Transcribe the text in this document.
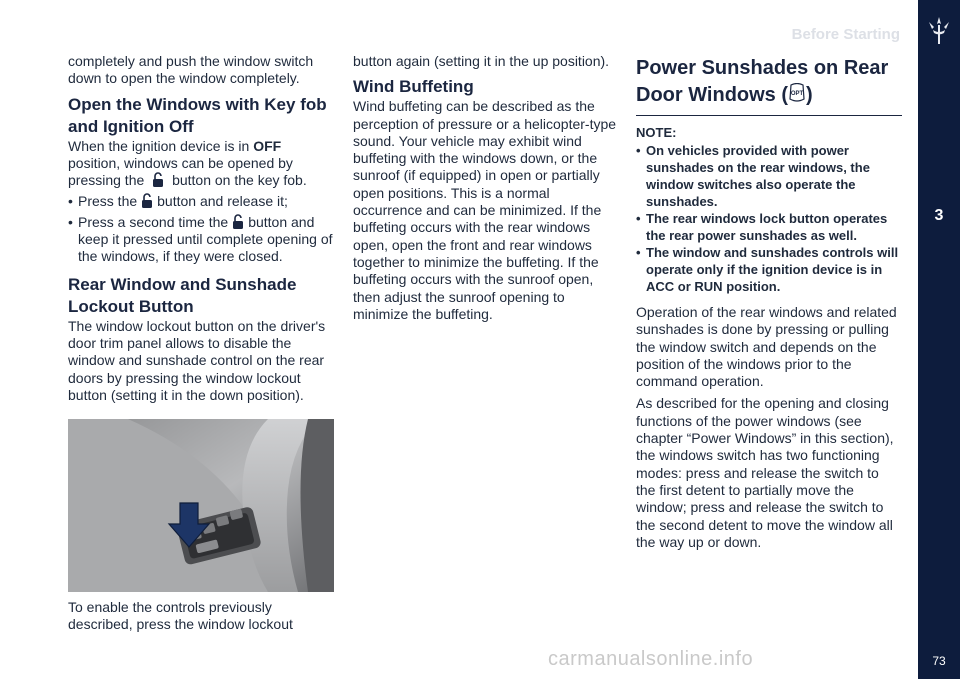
Before Starting
3
73

completely and push the window switch down to open the window completely.

Open the Windows with Key fob and Ignition Off

When the ignition device is in OFF position, windows can be opened by pressing the button on the key fob.

• Press the button and release it;
• Press a second time the button and keep it pressed until complete opening of the windows, if they were closed.
Rear Window and Sunshade Lockout Button

The window lockout button on the driver's door trim panel allows to disable the window and sunshade control on the rear doors by pressing the window lockout button (setting it in the down position).

To enable the controls previously described, press the window lockout

button again (setting it in the up position).

Wind Buffeting

Wind buffeting can be described as the perception of pressure or a helicopter-type sound. Your vehicle may exhibit wind buffeting with the windows down, or the sunroof (if equipped) in open or partially open positions. This is a normal occurrence and can be minimized. If the buffeting occurs with the rear windows open, open the front and rear windows together to minimize the buffeting. If the buffeting occurs with the sunroof open, then adjust the sunroof opening to minimize the buffeting.

Power Sunshades on Rear
Door Windows ( OPT )
NOTE:
• On vehicles provided with power sunshades on the rear windows, the window switches also operate the sunshades.
• The rear windows lock button operates the rear power sunshades as well.
• The window and sunshades controls will operate only if the ignition device is in ACC or RUN position.

Operation of the rear windows and related sunshades is done by pressing or pulling the window switch and depends on the position of the windows prior to the command operation.

As described for the opening and closing functions of the power windows (see chapter “Power Windows” in this section), the windows switch has two functioning modes: press and release the switch to the first detent to partially move the window; press and release the switch to the second detent to move the window all the way up or down.

carmanualsonline.info
